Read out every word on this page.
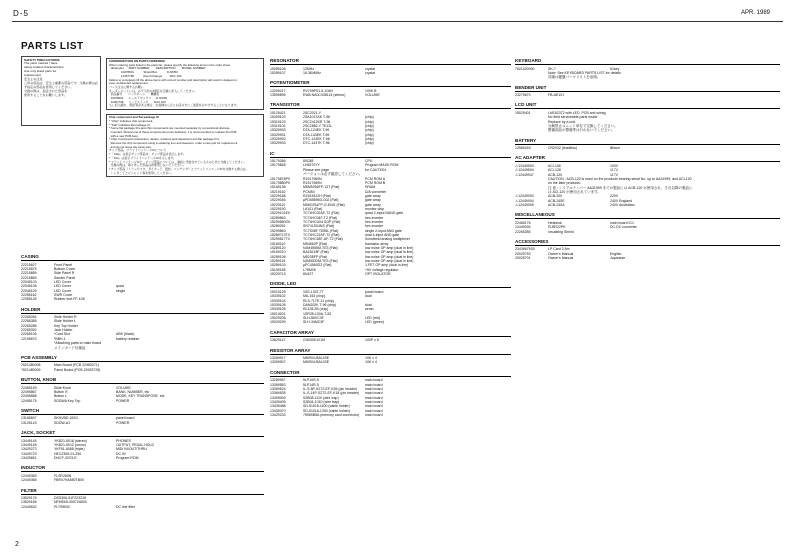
D-5	APR. 1989
PARTS LIST
SAFETY PRECAUTIONS
The parts marked ! have
safety-related characteristics.
Use only listed parts for
replacement.
安全上の注意
△印の部品は、安全上重要な部品です。交換の際は必ず指定の部品を使用してください。
交換の際は、指定された部品を
使用することをお願いします。
CONSIDERATION ON PARTS ORDERING
When ordering parts listed in the parts list, please specify the following items in the order sheet.
(Example)      PART NUMBER        DESCRIPTION        MODEL NUMBER
10078001            Shield Box            D-5/D50
12457768            Reed Changer         DAC 100
Failure to completely fill the above items with correct number and description will result in delayed or
even undelivered replacement.
パーツ注文に関するお願い
オーダーシートには、必ず下記の3項目を正確に記入してください。
部品番号       パーツネーム       機種名
10078001      シールドボックス      D-5/D50
12457768      リードスイッチ       DAC 100
もし記入漏れ、誤記等がある場合、お客様ならびにお店の方にご迷惑をおかけすることになります。
Chip component and flat package IC
* "Chip" indicates chip component.
* "Flat" indicates flat package IC.
* Some flat package ICs and chip components are mounted separate by conventional discrete-
mounted. Should one of these components prove defective, it is recommended to replace the PCB
with a new PCB Assy.
* Chip components (transistors, diodes, resistors and capacitors) and flat package ICs:
Remove the chip component using a soldering iron and tweezers; order a new part for replacement
and do not reuse the same part.
チップ部品、フラットパッケージICについて
* 「Chip」は表示チップ部品を、チップ部品を表示します。
* 「Flat」は表示フラットパッケージICを示します。
* フラットパッケージICと、チップ部品については、基板に実装されているものと共に交換してください。
交換の際は、取り外した部品は再使用しないでください。
* チップ部品（トランジスタ、ダイオード、抵抗、コンデンサ）とフラットパッケージICを交換する場合は、
ハンダごてとピンセット等を使用してください。
CASING
22215627	Front Panel
22215875	Bottom Cover
22215689	Side Panel R
22215869	Sender Panel
22045103	LED Cover
22045108	LED Cover	quad
22045109	LED Cover	single
22265162	SWR Cover
12355139	Rubber foot FF-108
HOLDER
22265284	Slide Holder R
22265385	Slide Holder L
22265286	Key Top Holder
22265392	Jack Holder
22265106	*Card Slot	ABS (black)
12195670	*BBH-1	battery retainer
*Attaching parts to main board
メインボード付属品
PCB ASSEMBLY
7621480008	Main Board (PCB 22965271)
7621480009	Panel Board (PCB 22925726)
BUTTON, KNOB
22465159	Slide Knob	VOLUME
22495867	Button R	BANK, NUMBER, etc
22495868	Button L	MODE, KEY TRANSPOSE, etc
12495175	SDDWA Key Top	POWER
SWITCH
13165697	SKHVBD 100G	panel board
13125143	SDDW-A1	POWER
JACK, SOCKET
13449145	YKB21-5016 (stereo)	PHONES
13449148	YKB21-5012 (mono)	OUTPUT, PEDAL HOLD
13429273	YKF51-6088 (triple)	MIDI IN/OUT/THRU
13449723	HEC2305-01-250	DC IN
13425651	DHCF-32C9-E	Program ROM
INDUCTOR
12449359	FLSR280N
12449365	FBR07HA850TB00
FILTER
13529176	DSS306-91F223Z16
13529165	NFM51B-00572A500
12449632	PLT9953C	DC line filter
RESONATOR
15289106	12MHz	crystal
15289107	16.384MHz	crystal
POTENTIOMETER
13299217	RV709PS1-5-104N	100K B
13595895	EWA NA0C038114 (stereo)	VOLUME
TRANSISTOR
15129421	2SC2021-Y
15309103	2SA1037AK T-96	(chip)
15319103	2SC2412KR T-96	(chip)
15319102	2SC2882-Y TE12L	(chip)
15329933	DTA-124EK T-96	(chip)
15329931	DTA-143EK T-96	(chip)
15329932	DTC-124EK T-96	(chip)
15329933	DTC-143TK T-96	(chip)
IC
15179266	80C88	CPU
15179848	LH5370YY	Program MASK ROM
Please see page	for CAUTION.
バージョンは必ず確認してください。
15179878P0	R1517960N	PCM ROM A
15179880P0	R1517969N	PCM ROM B
15169136	M5M5256FP-12T (Flat)	SRAM
15219162	PCM54	D/A converter
15229168	R1522812H (Flat)	gate array
15229046	μPD65895G-002 (Flat)	gate array
15229110	M56O251FP-G-ENG (Flat)	gate array
15229150	LA101 (Flat)	monitor chip
15229101E0	TC74HC02AF-T2 (Flat)	quad 2-input NAND gate
15289863	TC74HC04F-T2 (Flat)	hex inverter
15299580O0	TC74HCU04 SOP (Flat)	hex inverter
15289261	SN74LS04NS (Flat)	hex inverter
15299863	TC7S08F TE85L (Flat)	single 2-input AND gate
15289713T0	TC74HC21AF-T2 (Flat)	dual 4-input AND gate
15299817T0	TC74HC48F-AF-T2 (Flat)	Schuttmid analog multiplexer
15169110	M54562P (Flat)	transistor array
15289120	NJM4565M-TE3 (Flat)	low noise OP amp (dual in line)
15169210	BA15218F (Flat)	low noise OP amp (dual in line)
15289106	M5238FP (Flat)	low noise OP amp (dual in line)
15289116	NJM5532M-TE3 (Flat)	low noise OP amp (dual in line)
15289103	μPC4560G2 (Flat)	J-FET OP amp (dual in line)
15199155	L78M05	+5V voltage regulator
15229719	6N137	OPT ISOLATOR
DIODE, LED
15019125	1SS-133T-77	panel board
15339102	MA-153 (chip)	dual
15339104	RLS-71TE-11 (chip)
15339105	DAN202K T-96 (chip)	dual
15339105	RLZJ8.2B (chip)	zener
15019201	1SR35-100A-T-83
15029206	SLH-56VC3F	LED (red)
15029299	SLH-34MC3F	LED (green)
CAPACITOR ARRAY
13629147	CN030K101M	100P x 8
RESISTOR ARRAY
13269917	MNR04J5A103E	10K x 4
13269907	MNR04J5A103E	10K x 4
CONNECTOR
13289967	5LP10R-5	main board
13369553	5LP14R-5	main board
13369524	IL-S-8P-S2T2-EF-K35 (pin header)	main board
13369535	IL-S-14P-S2T2-EF-K18 (pin header)	main board
13409409	S2B08-1110 (wire trap)	main board
13409405	S2B04-1010 (wire trap)	main board
13439488	SD-51016-1100 (cable holder)	main board
13439470	SD-51016-1300 (cable holder)	main board
13429233	75969B5A (memory card connector)	main board
KEYBOARD
7621420000	SK-7	61key
Note: See KEYBOARD PARTS LIST for details.
詳細は鍵盤パーツリストを参照。
BENDER UNIT
23279670	FB-AE101
LCD UNIT
15029401	LM162372 with LED, PCB and wiring
No field serviceable parts inside
Replace by a unit.
分解禁止ユニット単位で交換してください。
整備部品の整備等は行わないでください。
BATTERY
12569249	CR2032 (leadless)	lithium
AC ADAPTER
⚠12449503	ACI-106	100V
⚠12449504	ACI-126	117V
⚠12449947	ACB-120	117V
CAUTION : ACB-120 is used on the products bearing serial No. up to AA31999, and ACI-120
on the later products.
注 意 : シリアルナンバー AA31999 までの製品には ACB-120 が使用され、それ以降の製品に
は ACI-120 が使用されています。
⚠12449003	ACB-200	220V
⚠12449004	ACB-240E	240V England
⚠12449005	ACB-240A	240V Australian
MISCELLANEOUS
22465176	Heatsink	main board IC1
12449030	FLBR22PK	DC-DC converter
22265285	Insulating Shield
ACCESSORIES
23439675S0	LP Card 2.5m
20025753	Owner's Manual	English
20025701	Owner's Manual	Japanese
2
